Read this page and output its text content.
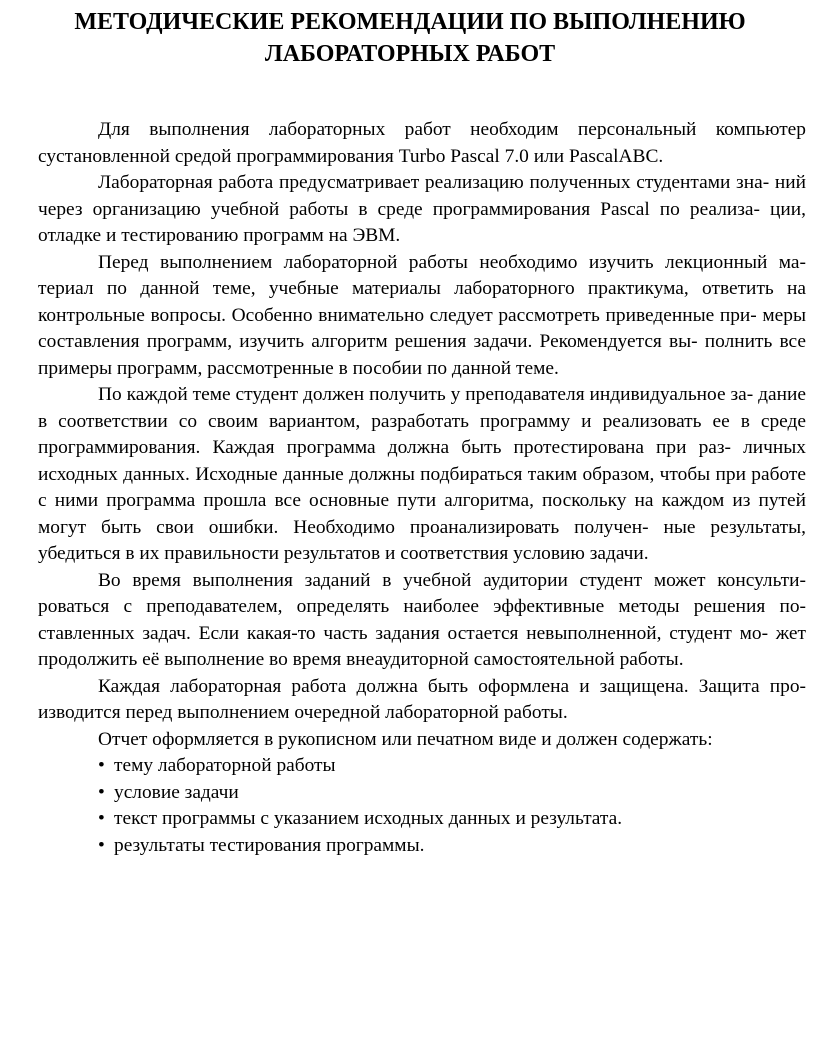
МЕТОДИЧЕСКИЕ РЕКОМЕНДАЦИИ ПО ВЫПОЛНЕНИЮ
ЛАБОРАТОРНЫХ РАБОТ

Для выполнения лабораторных работ необходим персональный компьютер сустановленной средой программирования Turbo Pascal 7.0 или PascalABC.

Лабораторная работа предусматривает реализацию полученных студентами зна- ний через организацию учебной работы в среде программирования Pascal по реализа- ции, отладке и тестированию программ на ЭВМ.

Перед выполнением лабораторной работы необходимо изучить лекционный ма- териал по данной теме, учебные материалы лабораторного практикума, ответить на контрольные вопросы. Особенно внимательно следует рассмотреть приведенные при- меры составления программ, изучить алгоритм решения задачи. Рекомендуется вы- полнить все примеры программ, рассмотренные в пособии по данной теме.

По каждой теме студент должен получить у преподавателя индивидуальное за- дание в соответствии со своим вариантом, разработать программу и реализовать ее в среде программирования. Каждая программа должна быть протестирована при раз- личных исходных данных. Исходные данные должны подбираться таким образом, чтобы при работе с ними программа прошла все основные пути алгоритма, поскольку на каждом из путей могут быть свои ошибки. Необходимо проанализировать получен- ные результаты, убедиться в их правильности результатов и соответствия условию задачи.

Во время выполнения заданий в учебной аудитории студент может консульти- роваться с преподавателем, определять наиболее эффективные методы решения по- ставленных задач. Если какая-то часть задания остается невыполненной, студент мо- жет продолжить её выполнение во время внеаудиторной самостоятельной работы.

Каждая лабораторная работа должна быть оформлена и защищена. Защита про- изводится перед выполнением очередной лабораторной работы.

Отчет оформляется в рукописном или печатном виде и должен содержать:

• тему лабораторной работы
• условие задачи
• текст программы с указанием исходных данных и результата.
• результаты тестирования программы.
